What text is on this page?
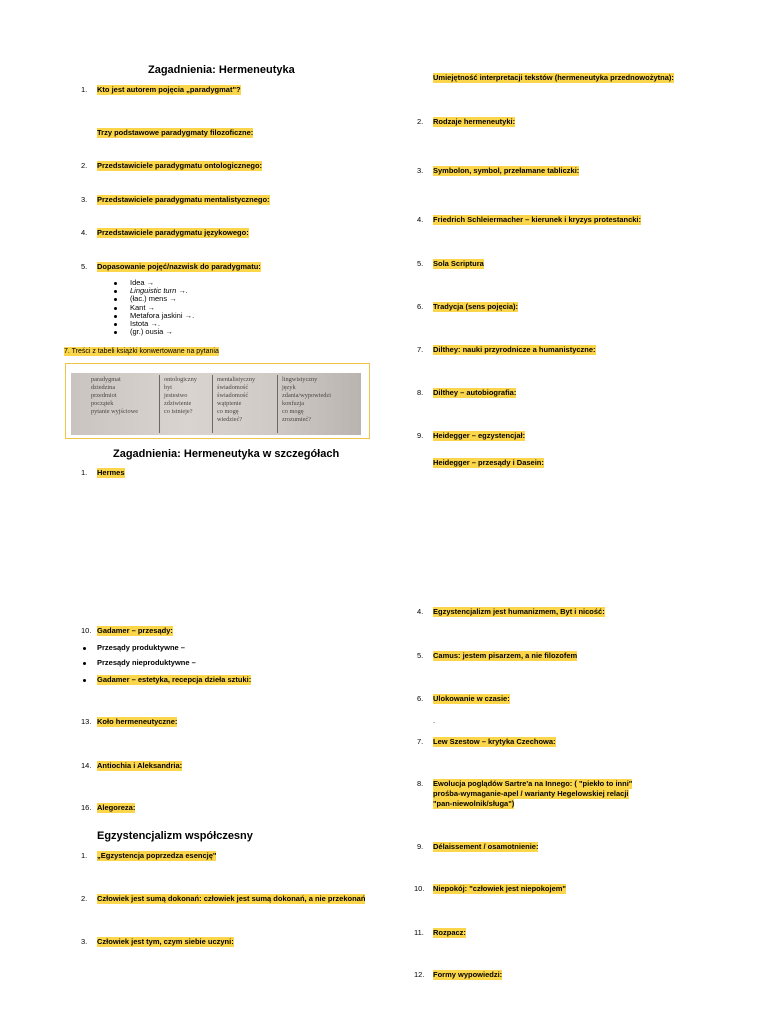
Zagadnienia: Hermeneutyka
1. Kto jest autorem pojęcia „paradygmat"?
Trzy podstawowe paradygmaty filozoficzne:
2. Przedstawiciele paradygmatu ontologicznego:
3. Przedstawiciele paradygmatu mentalistycznego:
4. Przedstawiciele paradygmatu językowego:
5. Dopasowanie pojęć/nazwisk do paradygmatu:
Idea →
Linguistic turn →.
(łac.) mens →
Kant →
Metafora jaskini →.
Istota →.
(gr.) ousia →
7. Treści z tabeli książki konwertowane na pytania
paradygmat
dziedzina
przedmiot
początek
pytanie wyjściowe
ontologiczny
byt
jestestwo
zdziwienie
co istnieje?
mentalistyczny
świadomość
świadomość
wątpienie
co mogę
wiedzieć?
lingwistyczny
język
zdania/wypowiedzi
konfuzja
co mogę
zrozumieć?
Zagadnienia: Hermeneutyka w szczegółach
1. Hermes
10. Gadamer – przesądy:
Przesądy produktywne –
Przesądy nieproduktywne –
Gadamer – estetyka, recepcja dzieła sztuki:
13. Koło hermeneutyczne:
14. Antiochia i Aleksandria:
16. Alegoreza:
Egzystencjalizm współczesny
1. „Egzystencja poprzedza esencję"
2. Człowiek jest sumą dokonań: człowiek jest sumą dokonań, a nie przekonań
3. Człowiek jest tym, czym siebie uczyni:
Umiejętność interpretacji tekstów (hermeneutyka przednowożytna):
2. Rodzaje hermeneutyki:
3. Symbolon, symbol, przełamane tabliczki:
4. Friedrich Schleiermacher – kierunek i kryzys protestancki:
5. Sola Scriptura
6. Tradycja (sens pojęcia):
7. Dilthey: nauki przyrodnicze a humanistyczne:
8. Dilthey – autobiografia:
9. Heidegger – egzystencjał:
Heidegger – przesądy i Dasein:
4. Egzystencjalizm jest humanizmem, Byt i nicość:
5. Camus: jestem pisarzem, a nie filozofem
6. Ulokowanie w czasie:
.
7. Lew Szestow – krytyka Czechowa:
8. Ewolucja poglądów Sartre'a na Innego: ( "piekło to inni"
prośba-wymaganie-apel / warianty Hegelowskiej relacji
"pan-niewolnik/sługa")
9. Délaissement / osamotnienie:
10. Niepokój: "człowiek jest niepokojem"
11. Rozpacz:
12. Formy wypowiedzi:
